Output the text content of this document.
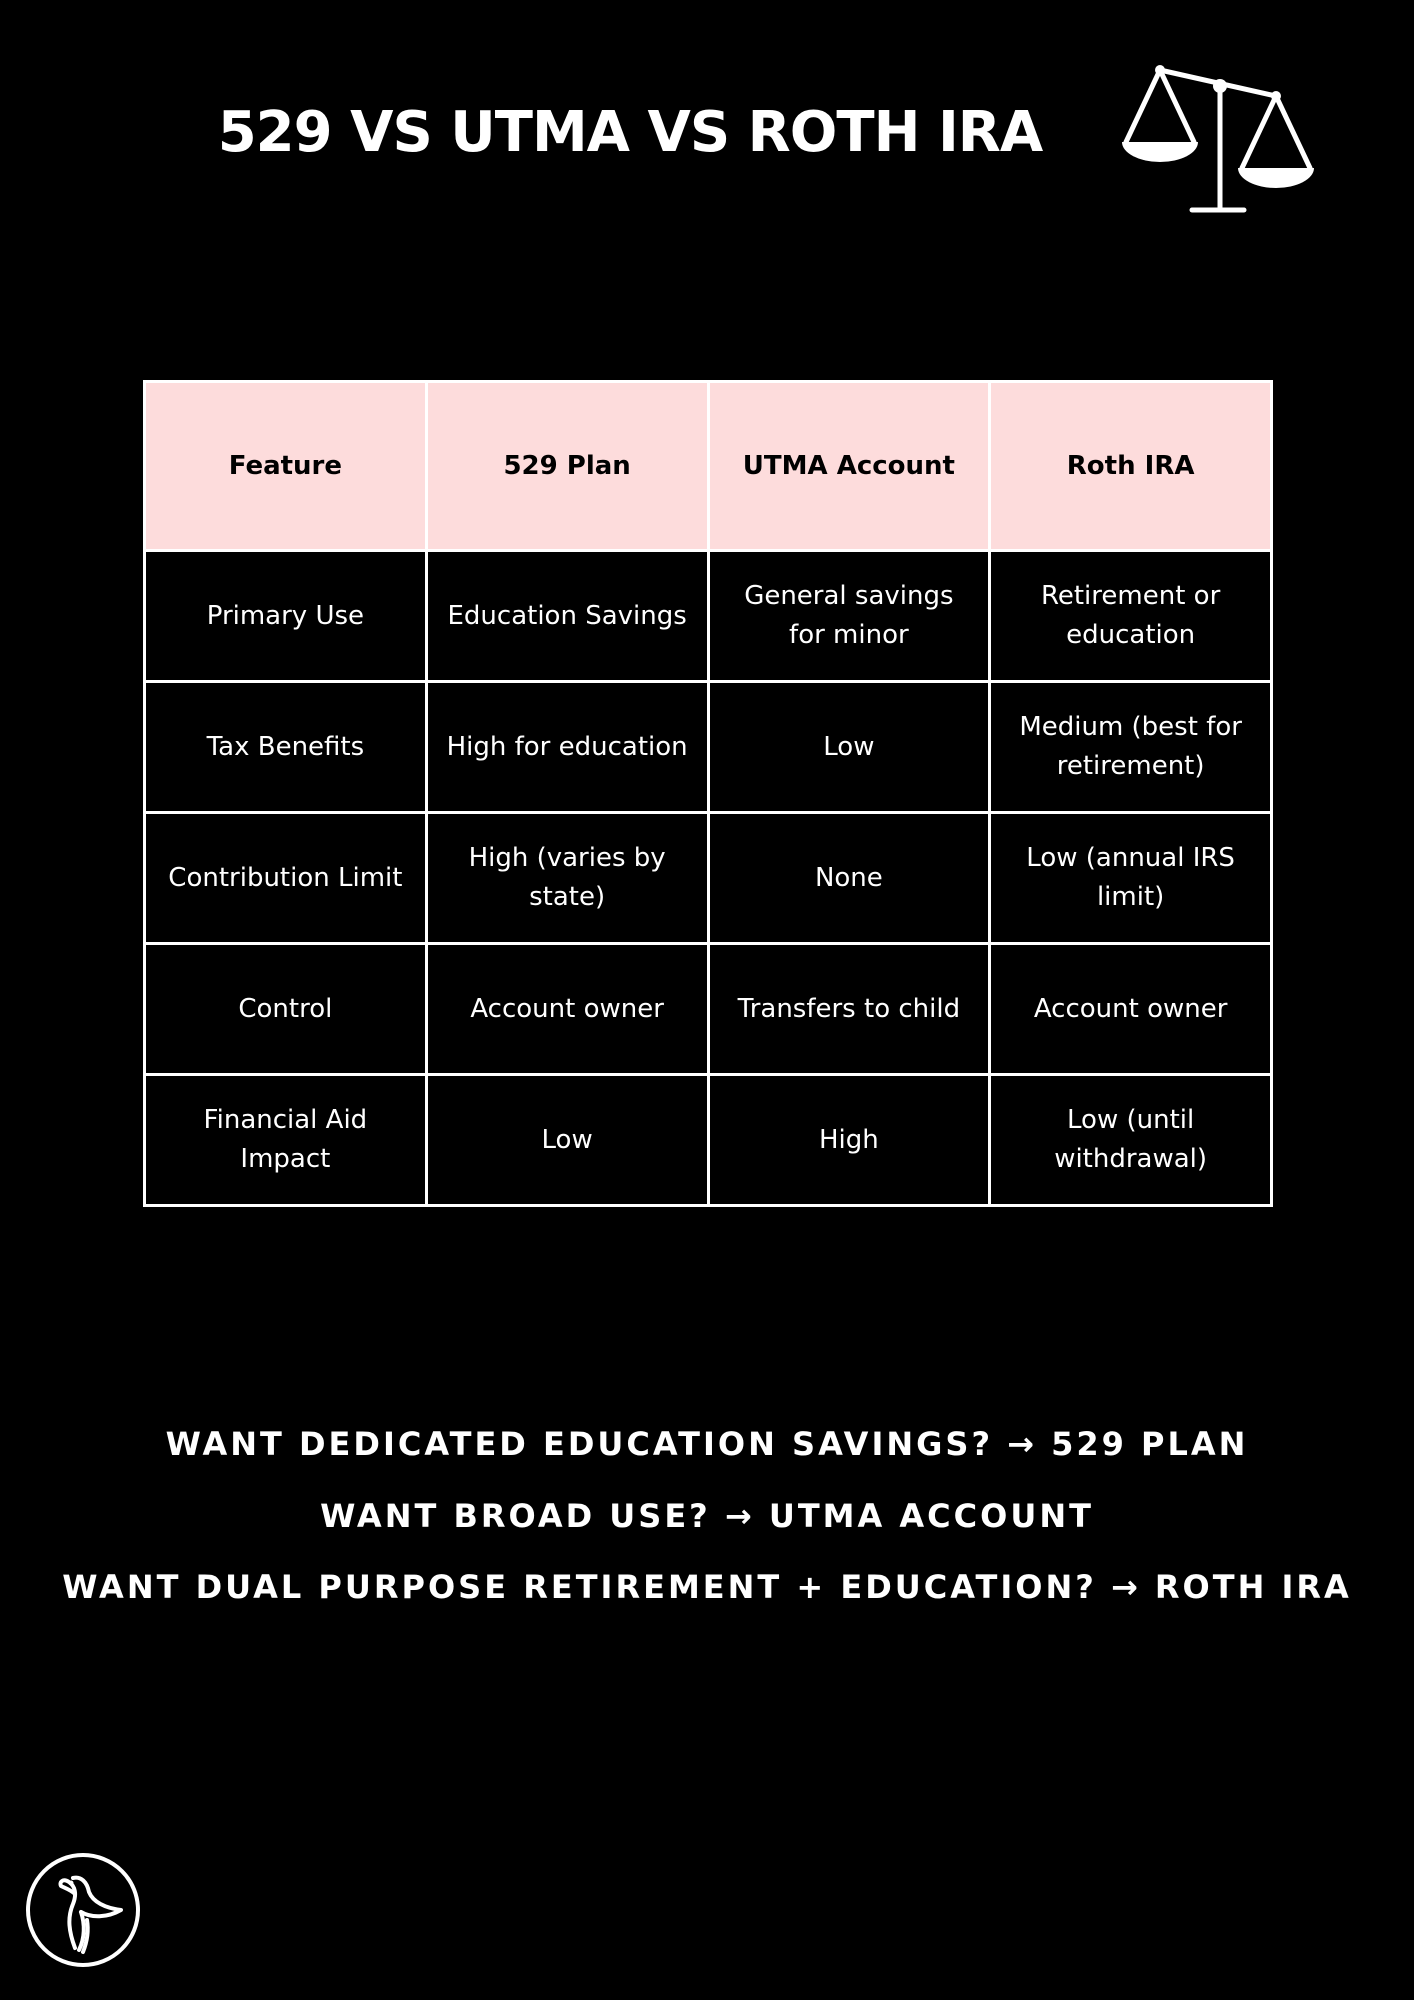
529 VS UTMA VS ROTH IRA
Feature	529 Plan	UTMA Account	Roth IRA
Primary Use	Education Savings	General savings for minor	Retirement or education
Tax Benefits	High for education	Low	Medium (best for retirement)
Contribution Limit	High (varies by state)	None	Low (annual IRS limit)
Control	Account owner	Transfers to child	Account owner
Financial Aid Impact	Low	High	Low (until withdrawal)
WANT DEDICATED EDUCATION SAVINGS? → 529 PLAN
WANT BROAD USE? → UTMA ACCOUNT
WANT DUAL PURPOSE RETIREMENT + EDUCATION? → ROTH IRA
